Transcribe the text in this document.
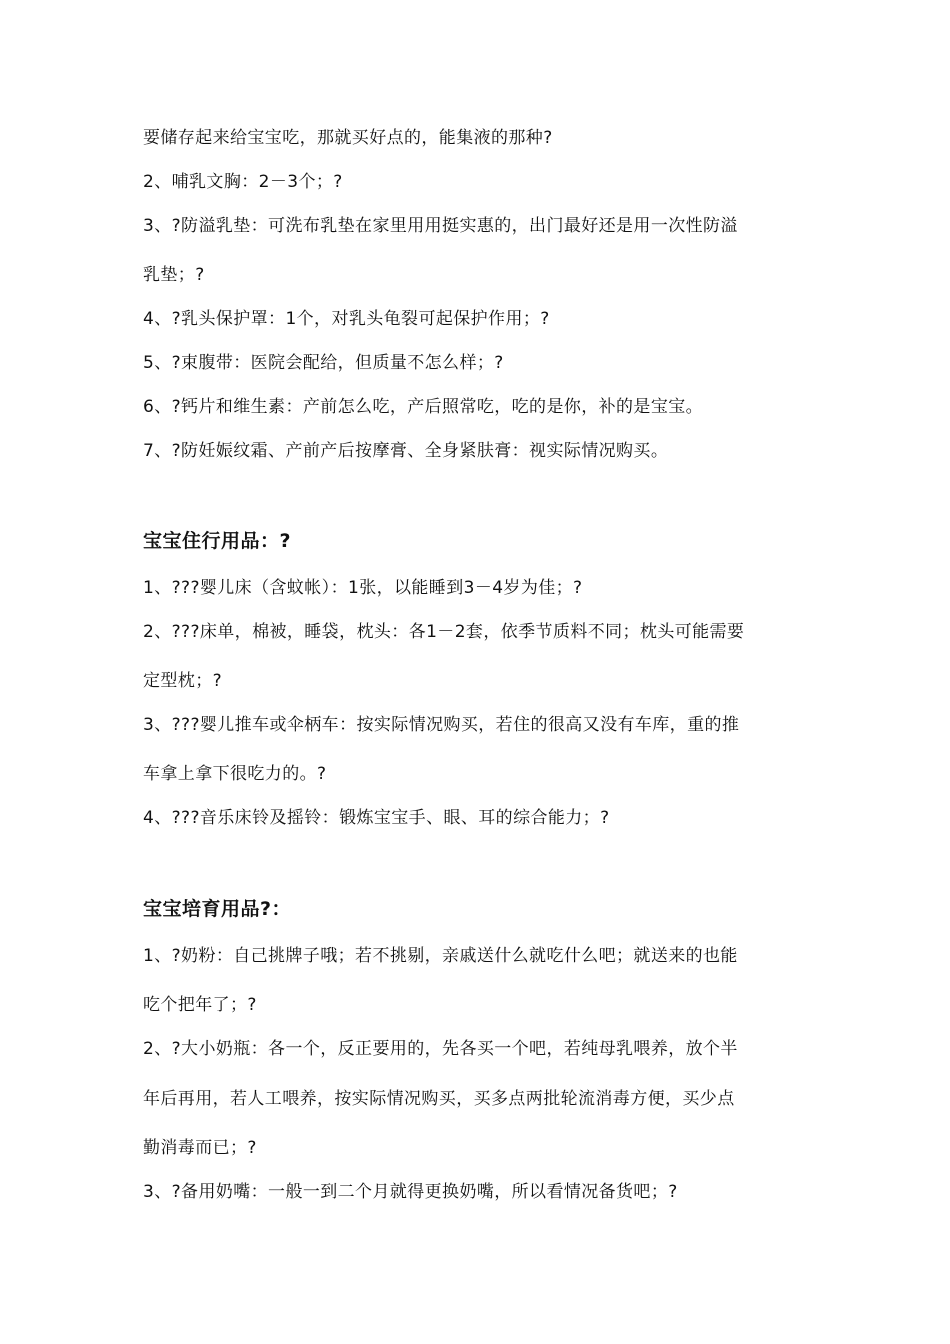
要储存起来给宝宝吃，那就买好点的，能集液的那种?
2、哺乳文胸：2－3个；?
3、?防溢乳垫：可洗布乳垫在家里用用挺实惠的，出门最好还是用一次性防溢
乳垫；?
4、?乳头保护罩：1个，对乳头龟裂可起保护作用；?
5、?束腹带：医院会配给，但质量不怎么样；?
6、?钙片和维生素：产前怎么吃，产后照常吃，吃的是你，补的是宝宝。
7、?防妊娠纹霜、产前产后按摩膏、全身紧肤膏：视实际情况购买。
宝宝住行用品：?
1、???婴儿床（含蚊帐）：1张，以能睡到3－4岁为佳；?
2、???床单，棉被，睡袋，枕头：各1－2套，依季节质料不同；枕头可能需要
定型枕；?
3、???婴儿推车或伞柄车：按实际情况购买，若住的很高又没有车库，重的推
车拿上拿下很吃力的。?
4、???音乐床铃及摇铃：锻炼宝宝手、眼、耳的综合能力；?
宝宝培育用品?：
1、?奶粉：自己挑牌子哦；若不挑剔，亲戚送什么就吃什么吧；就送来的也能
吃个把年了；?
2、?大小奶瓶：各一个，反正要用的，先各买一个吧，若纯母乳喂养，放个半
年后再用，若人工喂养，按实际情况购买，买多点两批轮流消毒方便，买少点
勤消毒而已；?
3、?备用奶嘴：一般一到二个月就得更换奶嘴，所以看情况备货吧；?
